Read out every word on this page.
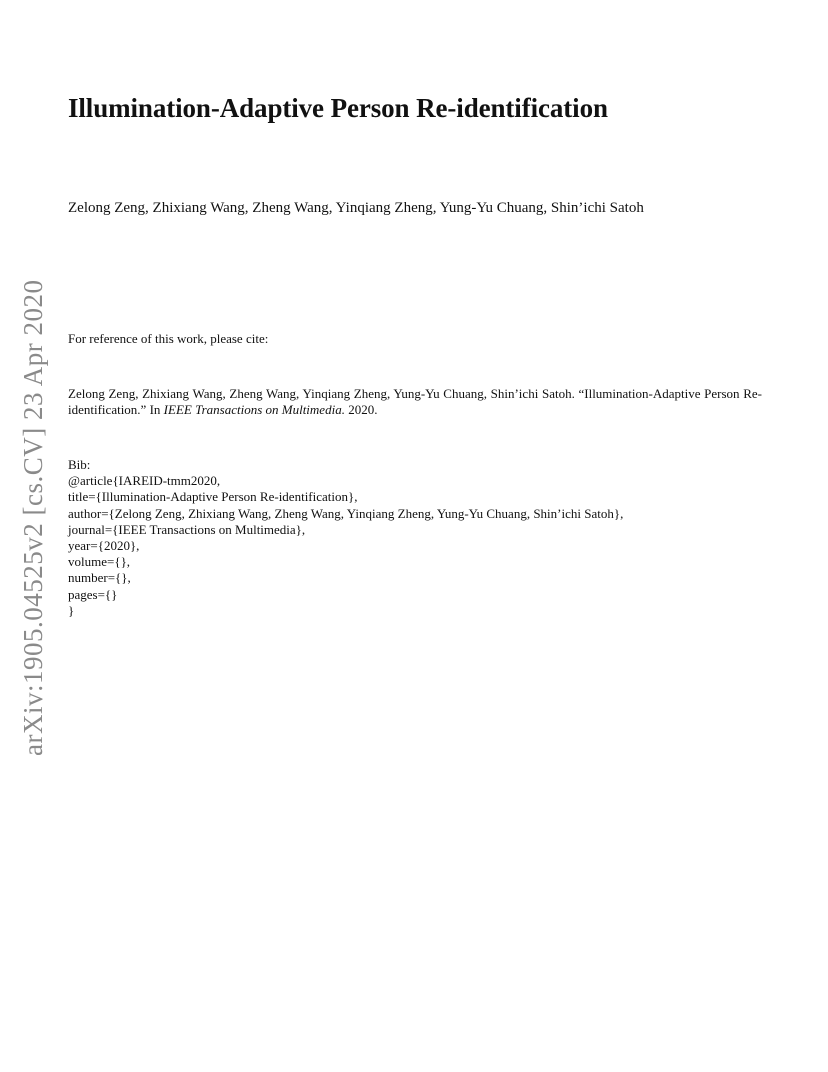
arXiv:1905.04525v2 [cs.CV] 23 Apr 2020
Illumination-Adaptive Person Re-identification

Zelong Zeng, Zhixiang Wang, Zheng Wang, Yinqiang Zheng, Yung-Yu Chuang, Shin’ichi Satoh

For reference of this work, please cite:

Zelong Zeng, Zhixiang Wang, Zheng Wang, Yinqiang Zheng, Yung-Yu Chuang, Shin’ichi Satoh. “Illumination-Adaptive Person Re-identification.” In IEEE Transactions on Multimedia. 2020.

Bib:
@article{IAREID-tmm2020,
title={Illumination-Adaptive Person Re-identification},
author={Zelong Zeng, Zhixiang Wang, Zheng Wang, Yinqiang Zheng, Yung-Yu Chuang, Shin’ichi Satoh},
journal={IEEE Transactions on Multimedia},
year={2020},
volume={},
number={},
pages={}
}
